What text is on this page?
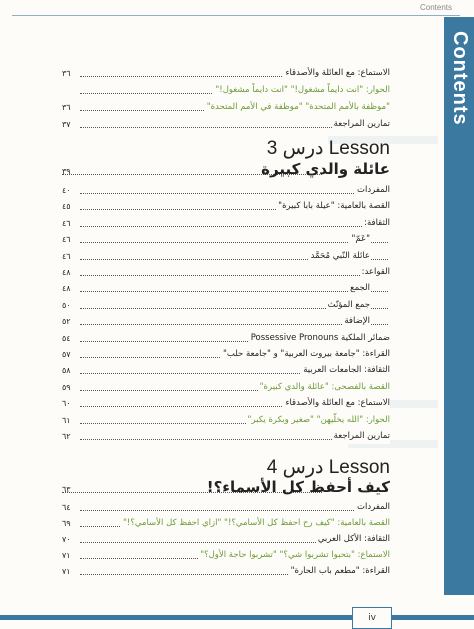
Contents
Contents
الاستماع: مع العائلة والأصدقاء
٣٦
الحوار: "انت دايماً مشغول!" "انت دايماً مشغول!"
"موظفة بالأمم المتحدة" "موظفة في الأمم المتحدة"
٣٦
تمارين المراجعة
٣٧
درس 3 Lesson
٣٩	عائلة والدي كبيرة
المفردات
٤٠
القصة بالعامية: "عيلة بابا كبيرة"
٤٥
الثقافة:
٤٦
"عَمّ"
٤٦
عائلة النّبي مُحَمَّد
٤٦
القواعد:
٤٨
الجمع
٤٨
جمع المؤنّث
٥٠
الإضافة
٥٢
ضمائر الملكية Possessive Pronouns
٥٤
القراءة: "جامعة بيروت العربية" و "جامعة حلب"
٥٧
الثقافة: الجامعات العربية
٥٨
القصة بالفصحى: "عائلة والدي كبيرة"
٥٩
الاستماع: مع العائلة والأصدقاء
٦٠
الحوار: "الله يخلّيهن" "صغير وبكرة يكبر"
٦١
تمارين المراجعة
٦٢
درس 4 Lesson
٦٣	كيف أحفظ كل الأسماء؟!
المفردات
٦٤
القصة بالعامية: "كيف رح احفظ كل الأسامي؟!" "ازاي احفظ كل الأسامي؟!"
٦٩
الثقافة: الأكل العربي
٧٠
الاستماع: "بتحبوا تشربوا شي؟" "تشربوا حاجة الأول؟"
٧١
القراءة: "مطعم باب الحارة"
٧١
iv
